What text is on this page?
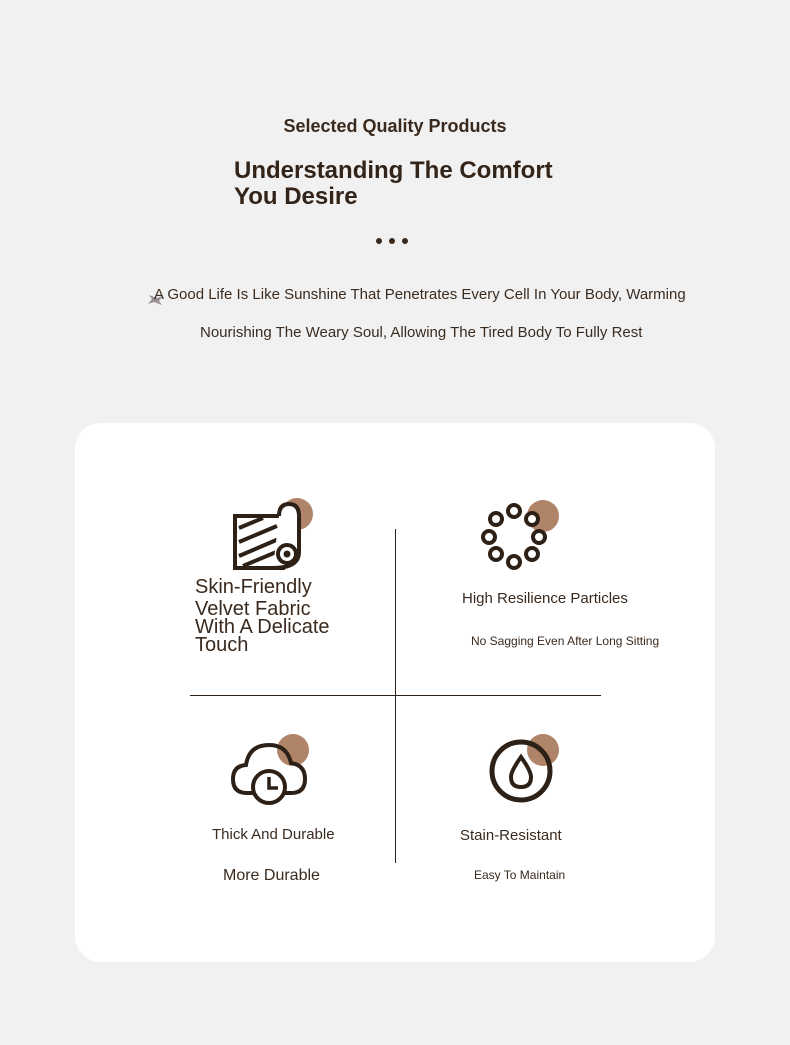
Selected Quality Products
Understanding The Comfort
You Desire
A Good Life Is Like Sunshine That Penetrates Every Cell In Your Body, Warming
Nourishing The Weary Soul, Allowing The Tired Body To Fully Rest
Skin-Friendly
Velvet Fabric
With A Delicate
Touch
High Resilience Particles
No Sagging Even After Long Sitting
Thick And Durable
More Durable
Stain-Resistant
Easy To Maintain
